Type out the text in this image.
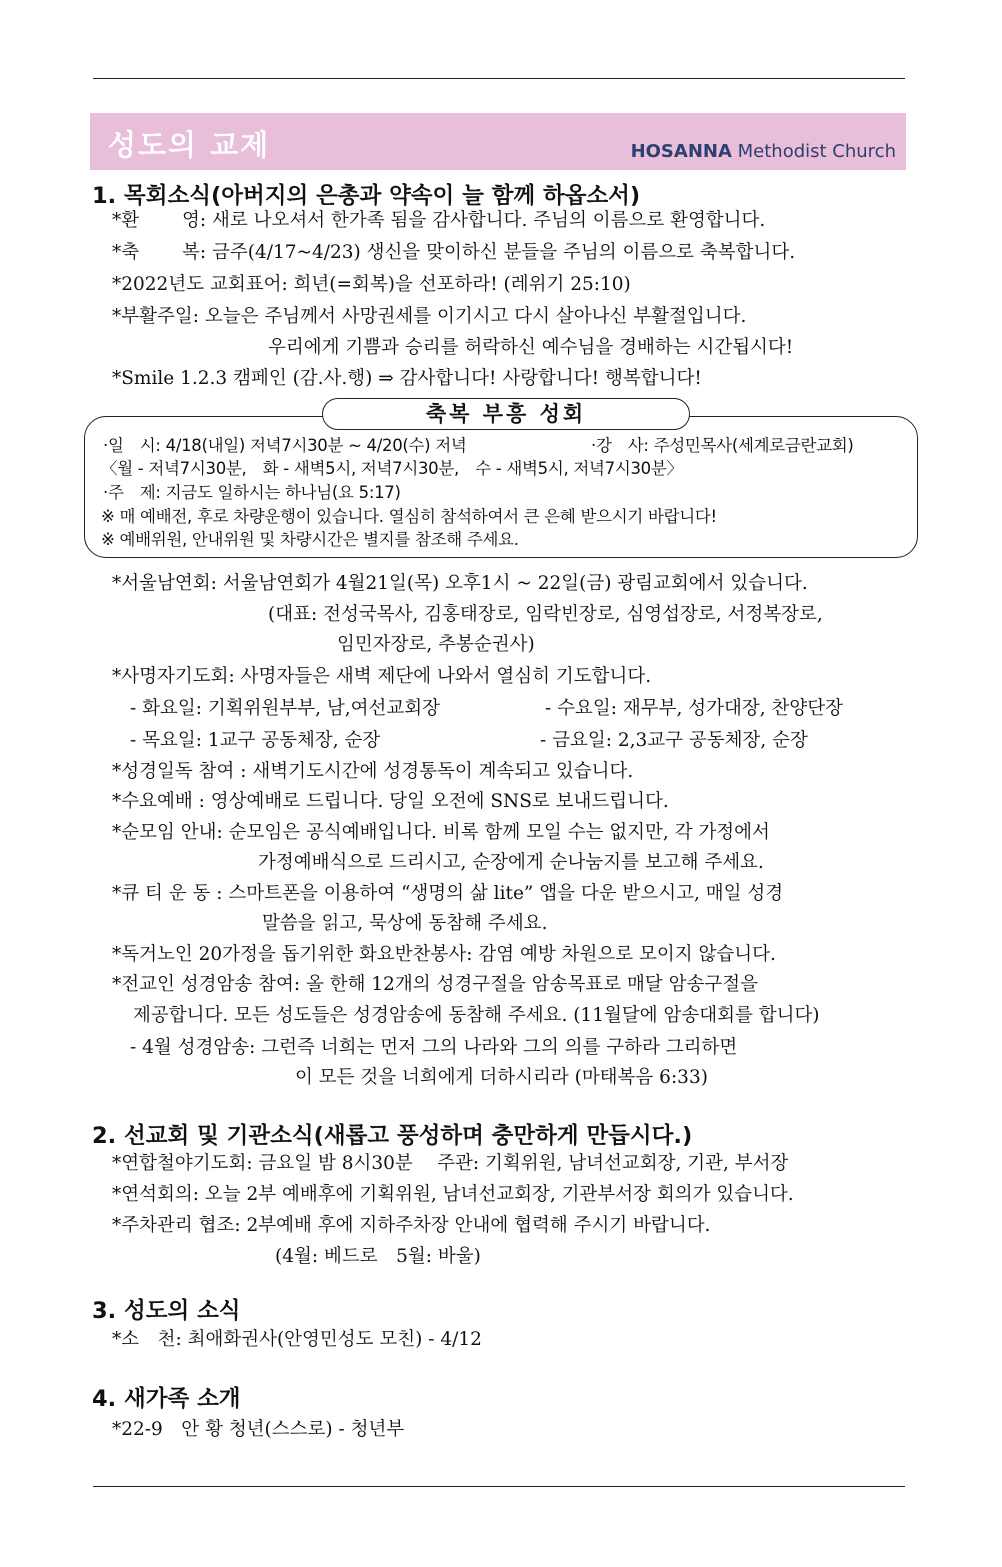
성도의 교제	HOSANNA Methodist Church
1. 목회소식(아버지의 은총과 약속이 늘 함께 하옵소서)
*환　　 영: 새로 나오셔서 한가족 됨을 감사합니다. 주님의 이름으로 환영합니다.
*축　　 복: 금주(4/17~4/23) 생신을 맞이하신 분들을 주님의 이름으로 축복합니다.
*2022년도 교회표어: 희년(=회복)을 선포하라! (레위기 25:10)
*부활주일: 오늘은 주님께서 사망권세를 이기시고 다시 살아나신 부활절입니다.
우리에게 기쁨과 승리를 허락하신 예수님을 경배하는 시간됩시다!
*Smile 1.2.3 캠페인 (감.사.행) ⇒ 감사합니다! 사랑합니다! 행복합니다!
축복 부흥 성회
·일　시: 4/18(내일) 저녁7시30분 ~ 4/20(수) 저녁	·강　사: 주성민목사(세계로금란교회)
〈월 - 저녁7시30분,　화 - 새벽5시, 저녁7시30분,　수 - 새벽5시, 저녁7시30분〉
·주　제: 지금도 일하시는 하나님(요 5:17)
※ 매 예배전, 후로 차량운행이 있습니다. 열심히 참석하여서 큰 은혜 받으시기 바랍니다!
※ 예배위원, 안내위원 및 차량시간은 별지를 참조해 주세요.
*서울남연회: 서울남연회가 4월21일(목) 오후1시 ~ 22일(금) 광림교회에서 있습니다.
(대표: 전성국목사, 김홍태장로, 임락빈장로, 심영섭장로, 서정복장로,
임민자장로, 추봉순권사)
*사명자기도회: 사명자들은 새벽 제단에 나와서 열심히 기도합니다.
- 화요일: 기획위원부부, 남,여선교회장	- 수요일: 재무부, 성가대장, 찬양단장
- 목요일: 1교구 공동체장, 순장	- 금요일: 2,3교구 공동체장, 순장
*성경일독 참여 : 새벽기도시간에 성경통독이 계속되고 있습니다.
*수요예배 : 영상예배로 드립니다. 당일 오전에 SNS로 보내드립니다.
*순모임 안내: 순모임은 공식예배입니다. 비록 함께 모일 수는 없지만, 각 가정에서
가정예배식으로 드리시고, 순장에게 순나눔지를 보고해 주세요.
*큐 티 운 동 : 스마트폰을 이용하여 “생명의 삶 lite” 앱을 다운 받으시고, 매일 성경
말씀을 읽고, 묵상에 동참해 주세요.
*독거노인 20가정을 돕기위한 화요반찬봉사: 감염 예방 차원으로 모이지 않습니다.
*전교인 성경암송 참여: 올 한해 12개의 성경구절을 암송목표로 매달 암송구절을
제공합니다. 모든 성도들은 성경암송에 동참해 주세요. (11월달에 암송대회를 합니다)
- 4월 성경암송: 그런즉 너희는 먼저 그의 나라와 그의 의를 구하라 그리하면
이 모든 것을 너희에게 더하시리라 (마태복음 6:33)
2. 선교회 및 기관소식(새롭고 풍성하며 충만하게 만듭시다.)
*연합철야기도회: 금요일 밤 8시30분　 주관: 기획위원, 남녀선교회장, 기관, 부서장
*연석회의: 오늘 2부 예배후에 기획위원, 남녀선교회장, 기관부서장 회의가 있습니다.
*주차관리 협조: 2부예배 후에 지하주차장 안내에 협력해 주시기 바랍니다.
(4월: 베드로　5월: 바울)
3. 성도의 소식
*소　천: 최애화권사(안영민성도 모친) - 4/12
4. 새가족 소개
*22-9　안 황 청년(스스로) - 청년부
